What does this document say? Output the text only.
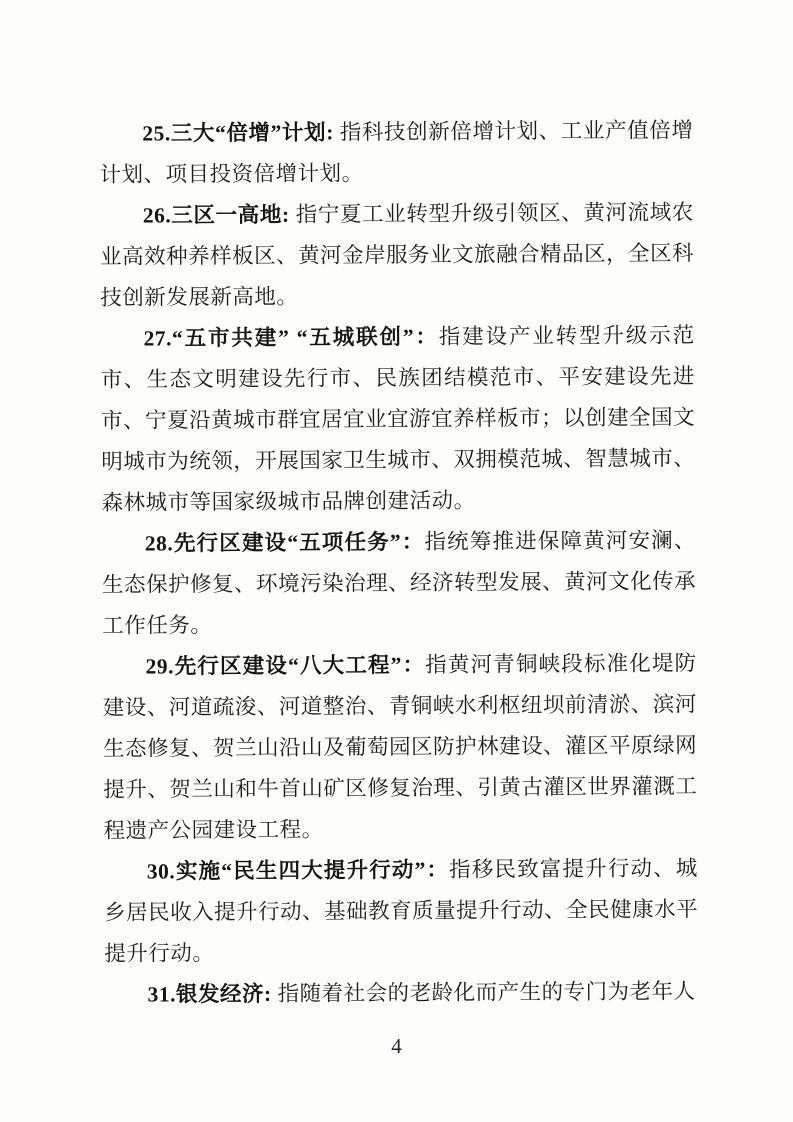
25.三大“倍增”计划: 指科技创新倍增计划、工业产值倍增计划、项目投资倍增计划。

26.三区一高地: 指宁夏工业转型升级引领区、黄河流域农业高效种养样板区、黄河金岸服务业文旅融合精品区，全区科技创新发展新高地。

27.“五市共建” “五城联创”：指建设产业转型升级示范市、生态文明建设先行市、民族团结模范市、平安建设先进市、宁夏沿黄城市群宜居宜业宜游宜养样板市；以创建全国文明城市为统领，开展国家卫生城市、双拥模范城、智慧城市、森林城市等国家级城市品牌创建活动。

28.先行区建设“五项任务”：指统筹推进保障黄河安澜、生态保护修复、环境污染治理、经济转型发展、黄河文化传承工作任务。

29.先行区建设“八大工程”：指黄河青铜峡段标准化堤防建设、河道疏浚、河道整治、青铜峡水利枢纽坝前清淤、滨河生态修复、贺兰山沿山及葡萄园区防护林建设、灌区平原绿网提升、贺兰山和牛首山矿区修复治理、引黄古灌区世界灌溉工程遗产公园建设工程。

30.实施“民生四大提升行动”：指移民致富提升行动、城乡居民收入提升行动、基础教育质量提升行动、全民健康水平提升行动。

31.银发经济: 指随着社会的老龄化而产生的专门为老年人

4
